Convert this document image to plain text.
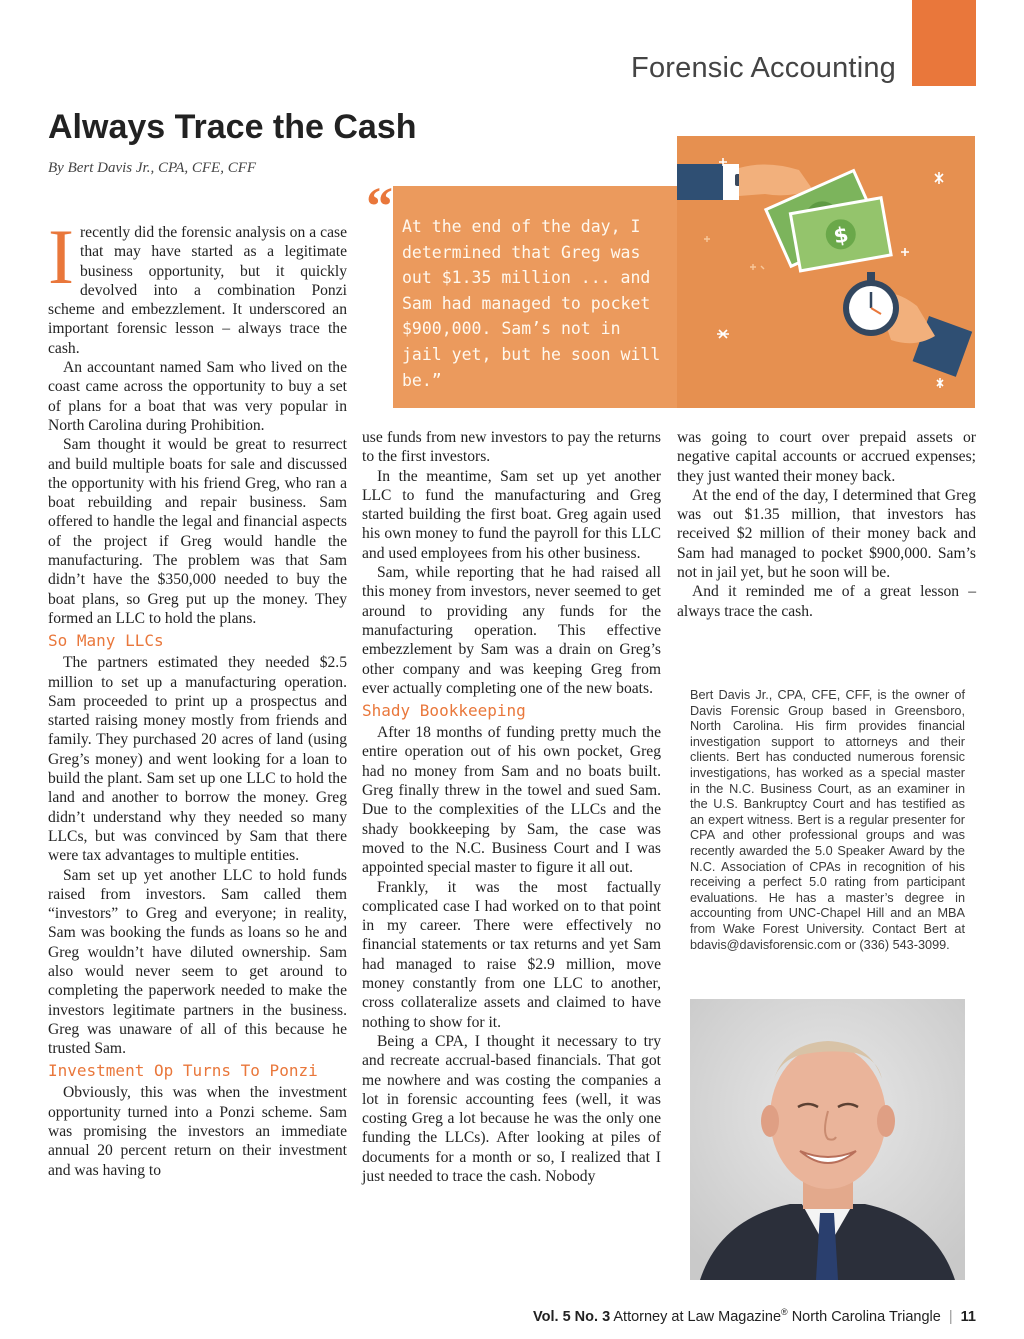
Forensic Accounting
Always Trace the Cash
By Bert Davis Jr., CPA, CFE, CFF

Irecently did the forensic analysis on a case that may have started as a legitimate business opportunity, but it quickly devolved into a combination Ponzi scheme and embezzlement. It underscored an important forensic lesson – always trace the cash.

An accountant named Sam who lived on the coast came across the opportunity to buy a set of plans for a boat that was very popular in North Carolina during Prohibition.

Sam thought it would be great to resurrect and build multiple boats for sale and discussed the opportunity with his friend Greg, who ran a boat rebuilding and repair business. Sam offered to handle the legal and financial aspects of the project if Greg would handle the manufacturing. The problem was that Sam didn’t have the $350,000 needed to buy the boat plans, so Greg put up the money. They formed an LLC to hold the plans.

So Many LLCs

The partners estimated they needed $2.5 million to set up a manufacturing operation. Sam proceeded to print up a prospectus and started raising money mostly from friends and family. They purchased 20 acres of land (using Greg’s money) and went looking for a loan to build the plant. Sam set up one LLC to hold the land and another to borrow the money. Greg didn’t understand why they needed so many LLCs, but was convinced by Sam that there were tax advantages to multiple entities.

Sam set up yet another LLC to hold funds raised from investors. Sam called them “investors” to Greg and everyone; in reality, Sam was booking the funds as loans so he and Greg wouldn’t have diluted ownership. Sam also would never seem to get around to completing the paperwork needed to make the investors legitimate partners in the business. Greg was unaware of all of this because he trusted Sam.

Investment Op Turns To Ponzi

Obviously, this was when the investment opportunity turned into a Ponzi scheme. Sam was promising the investors an immediate annual 20 percent return on their investment and was having to

“ At the end of the day, I determined that Greg was out $1.35 million ... and Sam had managed to pocket $900,000. Sam’s not in jail yet, but he soon will be.”
$

use funds from new investors to pay the returns to the first investors.

In the meantime, Sam set up yet another LLC to fund the manufacturing and Greg started building the first boat. Greg again used his own money to fund the payroll for this LLC and used employees from his other business.

Sam, while reporting that he had raised all this money from investors, never seemed to get around to providing any funds for the manufacturing operation. This effective embezzlement by Sam was a drain on Greg’s other company and was keeping Greg from ever actually completing one of the new boats.

Shady Bookkeeping

After 18 months of funding pretty much the entire operation out of his own pocket, Greg had no money from Sam and no boats built. Greg finally threw in the towel and sued Sam. Due to the complexities of the LLCs and the shady bookkeeping by Sam, the case was moved to the N.C. Business Court and I was appointed special master to figure it all out.

Frankly, it was the most factually complicated case I had worked on to that point in my career. There were effectively no financial statements or tax returns and yet Sam had managed to raise $2.9 million, move money constantly from one LLC to another, cross collateralize assets and claimed to have nothing to show for it.

Being a CPA, I thought it necessary to try and recreate accrual-based financials. That got me nowhere and was costing the companies a lot in forensic accounting fees (well, it was costing Greg a lot because he was the only one funding the LLCs). After looking at piles of documents for a month or so, I realized that I just needed to trace the cash. Nobody

was going to court over prepaid assets or negative capital accounts or accrued expenses; they just wanted their money back.

At the end of the day, I determined that Greg was out $1.35 million, that investors has received $2 million of their money back and Sam had managed to pocket $900,000. Sam’s not in jail yet, but he soon will be.

And it reminded me of a great lesson – always trace the cash.

Bert Davis Jr., CPA, CFE, CFF, is the owner of Davis Forensic Group based in Greensboro, North Carolina. His firm provides financial investigation support to attorneys and their clients. Bert has conducted numerous forensic investigations, has worked as a special master in the N.C. Business Court, as an examiner in the U.S. Bankruptcy Court and has testified as an expert witness. Bert is a regular presenter for CPA and other professional groups and was recently awarded the 5.0 Speaker Award by the N.C. Association of CPAs in recognition of his receiving a perfect 5.0 rating from participant evaluations. He has a master’s degree in accounting from UNC-Chapel Hill and an MBA from Wake Forest University. Contact Bert at bdavis@davisforensic.com or (336) 543-3099.
Vol. 5 No. 3 Attorney at Law Magazine® North Carolina Triangle | 11
